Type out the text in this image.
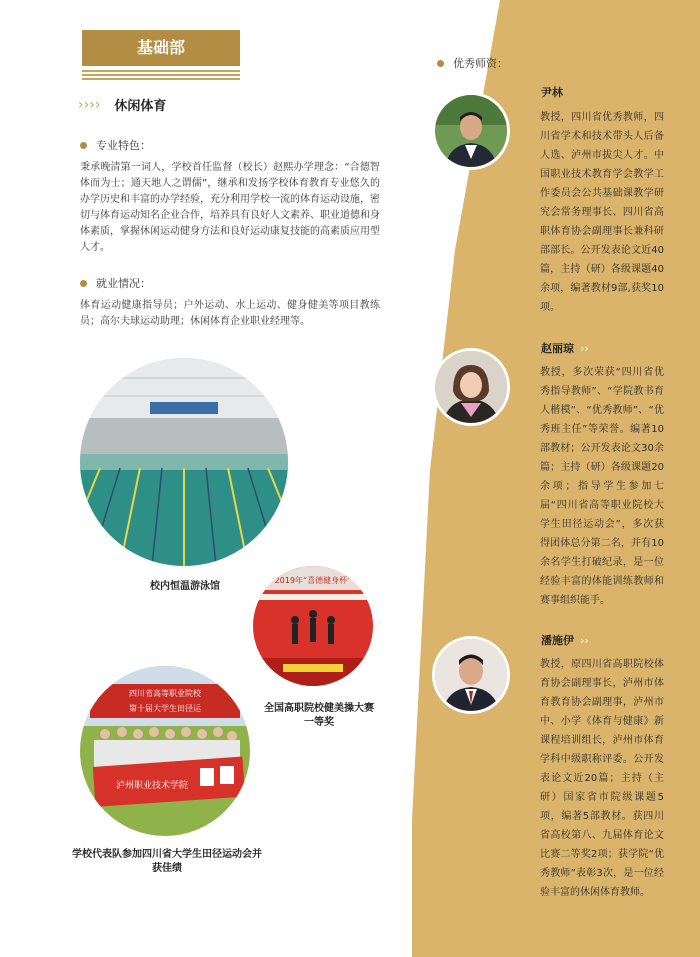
基础部
›››› 休闲体育
专业特色：
秉承晚清第一词人，学校首任监督（校长）赵熙办学理念：“合德智体而为士；通天地人之谓儒”，继承和发扬学校体育教育专业悠久的办学历史和丰富的办学经验，充分利用学校一流的体育运动设施，密切与体育运动知名企业合作，培养具有良好人文素养、职业道德和身体素质，掌握休闲运动健身方法和良好运动康复技能的高素质应用型人才。
就业情况：
体育运动健康指导员；户外运动、水上运动、健身健美等项目教练员；高尔夫球运动助理；休闲体育企业职业经理等。
校内恒温游泳馆
2019年“喜德健身杯”
全国高职院校健美操大赛一等奖
四川省高等职业院校
第十届大学生田径运
泸州职业技术学院
学校代表队参加四川省大学生田径运动会并获佳绩
优秀师资：
尹林
教授，四川省优秀教师，四川省学术和技术带头人后备人选、泸州市拔尖人才。中国职业技术教育学会教学工作委员会公共基础课教学研究会常务理事长、四川省高职体育协会副理事长兼科研部部长。公开发表论文近40篇，主持（研）各级课题40余项，编著教材9部,获奖10项。
赵丽琼 ››
教授，多次荣获“四川省优秀指导教师”、“学院教书育人楷模”、“优秀教师”、“优秀班主任”等荣誉。编著10部教材；公开发表论文30余篇；主持（研）各级课题20余项；指导学生参加七届“四川省高等职业院校大学生田径运动会”，多次获得团体总分第二名，并有10余名学生打破纪录，是一位经验丰富的体能训练教师和赛事组织能手。
潘施伊 ››
教授，原四川省高职院校体育协会副理事长，泸州市体育教育协会副理事，泸州市中、小学《体育与健康》新课程培训组长，泸州市体育学科中级职称评委。公开发表论文近20篇；主持（主研）国家省市院级课题5 项，编著5部教材。获四川省高校第八、九届体育论文比赛二等奖2项；获学院“优秀教师”表彰3次，是一位经验丰富的休闲体育教师。
